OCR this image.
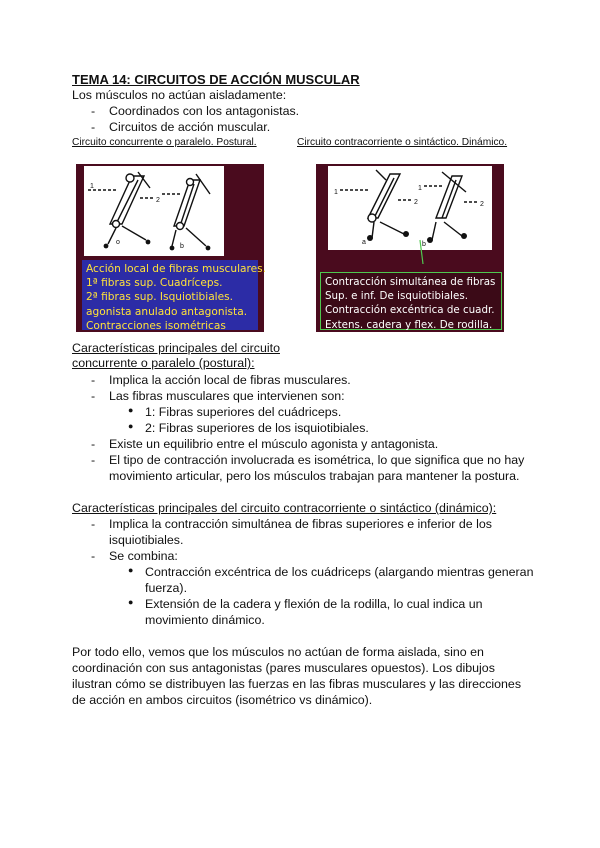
TEMA 14: CIRCUITOS DE ACCIÓN MUSCULAR
Los músculos no actúan aisladamente:
- Coordinados con los antagonistas.
- Circuitos de acción muscular.
Circuito concurrente o paralelo. Postural.	Circuito contracorriente o sintáctico. Dinámico.
1
2
o
b
Acción local de fibras musculares.
1ª fibras sup. Cuadríceps.
2ª fibras sup. Isquiotibiales.
agonista anulado antagonista.
Contracciones isométricas
1
2
1
2
a	b
Contracción simultánea de fibras
Sup. e inf. De isquiotibiales.
Contracción excéntrica de cuadr.
Extens. cadera y flex. De rodilla.
Características principales del circuito
concurrente o paralelo (postural):
- Implica la acción local de fibras musculares.
- Las fibras musculares que intervienen son:
● 1: Fibras superiores del cuádriceps.
● 2: Fibras superiores de los isquiotibiales.
- Existe un equilibrio entre el músculo agonista y antagonista.
- El tipo de contracción involucrada es isométrica, lo que significa que no hay
movimiento articular, pero los músculos trabajan para mantener la postura.
Características principales del circuito contracorriente o sintáctico (dinámico):
- Implica la contracción simultánea de fibras superiores e inferior de los
isquiotibiales.
- Se combina:
● Contracción excéntrica de los cuádriceps (alargando mientras generan
fuerza).
● Extensión de la cadera y flexión de la rodilla, lo cual indica un
movimiento dinámico.
Por todo ello, vemos que los músculos no actúan de forma aislada, sino en
coordinación con sus antagonistas (pares musculares opuestos). Los dibujos
ilustran cómo se distribuyen las fuerzas en las fibras musculares y las direcciones
de acción en ambos circuitos (isométrico vs dinámico).
